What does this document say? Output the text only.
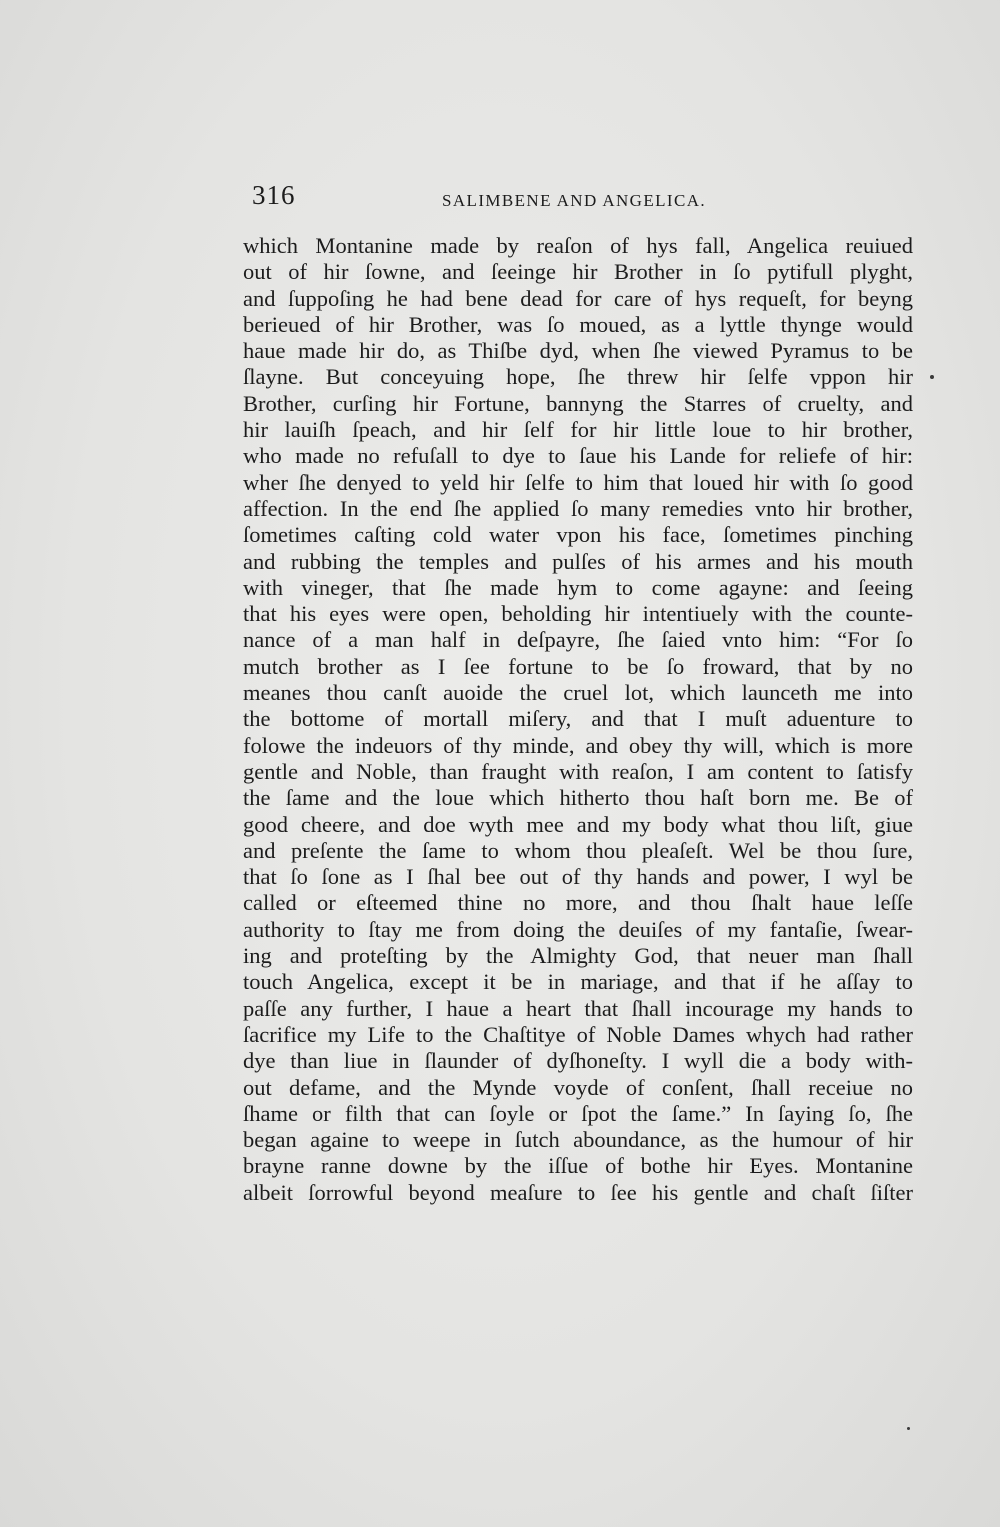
316	SALIMBENE AND ANGELICA.
which Montanine made by reaſon of hys fall, Angelica reuiued
out of hir ſowne, and ſeeinge hir Brother in ſo pytifull plyght,
and ſuppoſing he had bene dead for care of hys requeſt, for beyng
berieued of hir Brother, was ſo moued, as a lyttle thynge would
haue made hir do, as Thiſbe dyd, when ſhe viewed Pyramus to be
ſlayne. But conceyuing hope, ſhe threw hir ſelfe vppon hir
Brother, curſing hir Fortune, bannyng the Starres of cruelty, and
hir lauiſh ſpeach, and hir ſelf for hir little loue to hir brother,
who made no refuſall to dye to ſaue his Lande for reliefe of hir:
wher ſhe denyed to yeld hir ſelfe to him that loued hir with ſo good
affection. In the end ſhe applied ſo many remedies vnto hir brother,
ſometimes caſting cold water vpon his face, ſometimes pinching
and rubbing the temples and pulſes of his armes and his mouth
with vineger, that ſhe made hym to come agayne: and ſeeing
that his eyes were open, beholding hir intentiuely with the counte-
nance of a man half in deſpayre, ſhe ſaied vnto him: “For ſo
mutch brother as I ſee fortune to be ſo froward, that by no
meanes thou canſt auoide the cruel lot, which launceth me into
the bottome of mortall miſery, and that I muſt aduenture to
folowe the indeuors of thy minde, and obey thy will, which is more
gentle and Noble, than fraught with reaſon, I am content to ſatisfy
the ſame and the loue which hitherto thou haſt born me. Be of
good cheere, and doe wyth mee and my body what thou liſt, giue
and preſente the ſame to whom thou pleaſeſt. Wel be thou ſure,
that ſo ſone as I ſhal bee out of thy hands and power, I wyl be
called or eſteemed thine no more, and thou ſhalt haue leſſe
authority to ſtay me from doing the deuiſes of my fantaſie, ſwear-
ing and proteſting by the Almighty God, that neuer man ſhall
touch Angelica, except it be in mariage, and that if he aſſay to
paſſe any further, I haue a heart that ſhall incourage my hands to
ſacrifice my Life to the Chaſtitye of Noble Dames whych had rather
dye than liue in ſlaunder of dyſhoneſty. I wyll die a body with-
out defame, and the Mynde voyde of conſent, ſhall receiue no
ſhame or filth that can ſoyle or ſpot the ſame.” In ſaying ſo, ſhe
began againe to weepe in ſutch aboundance, as the humour of hir
brayne ranne downe by the iſſue of bothe hir Eyes. Montanine
albeit ſorrowful beyond meaſure to ſee his gentle and chaſt ſiſter
